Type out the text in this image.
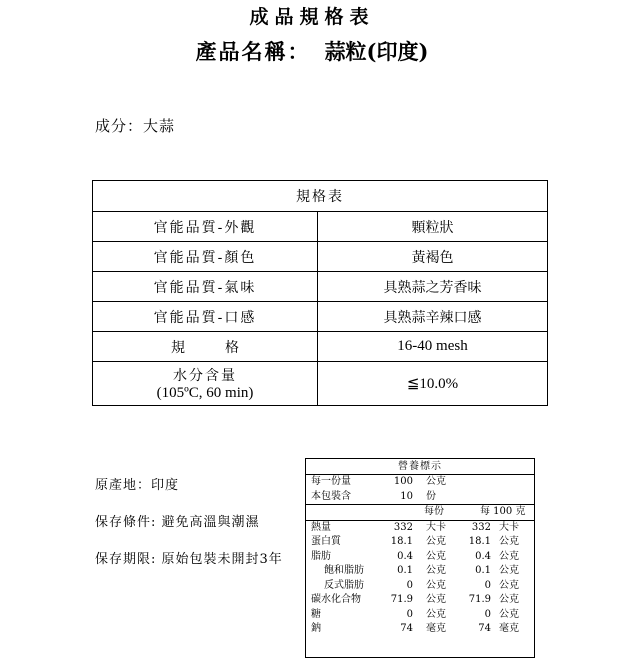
成品規格表
產品名稱： 蒜粒(印度)
成分：大蒜
規格表	
官能品質-外觀	顆粒狀
官能品質-顏色	黃褐色
官能品質-氣味	具熟蒜之芳香味
官能品質-口感	具熟蒜辛辣口感
規格	16-40 mesh

水分含量
(105ºC, 60 min)	≦10.0%
原產地：印度
保存條件: 避免高溫與潮濕
保存期限: 原始包裝未開封3年
營養標示
每一份量	100 公克
本包裝含	10 份
每份	每 100 克
熱量	332 大卡	332 大卡
蛋白質	18.1 公克 18.1 公克
脂肪	0.4 公克	0.4 公克
飽和脂肪	0.1 公克	0.1 公克
反式脂肪	0 公克	0 公克
碳水化合物	71.9 公克 71.9 公克
糖	0 公克	0 公克
鈉	74 毫克	74 毫克
